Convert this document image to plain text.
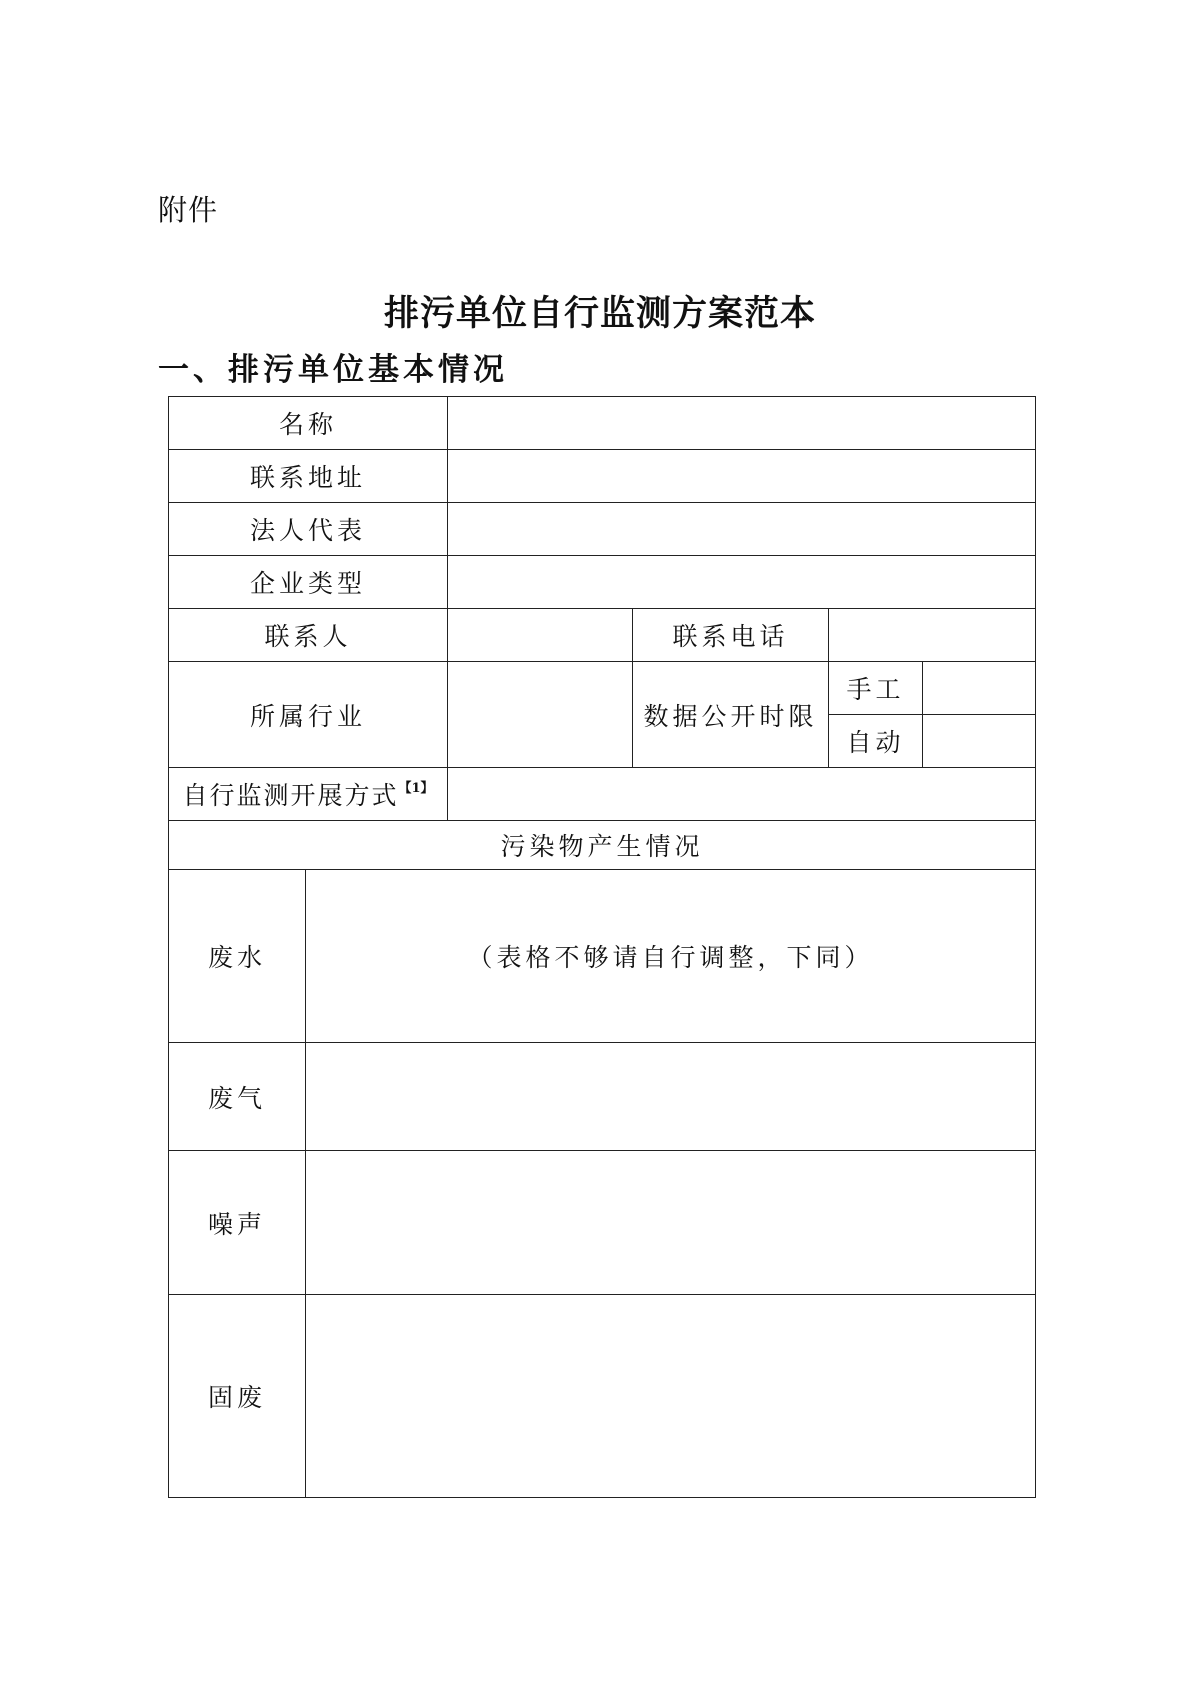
附件
排污单位自行监测方案范本
一、排污单位基本情况
名称					
联系地址					
法人代表					
企业类型					
联系人			联系电话		
所属行业			数据公开时限	手工	
				自动	
自行监测开展方式$^{【1】}$	
污染物产生情况					
废水	（表格不够请自行调整，下同）				
废气					
噪声					
固废					
